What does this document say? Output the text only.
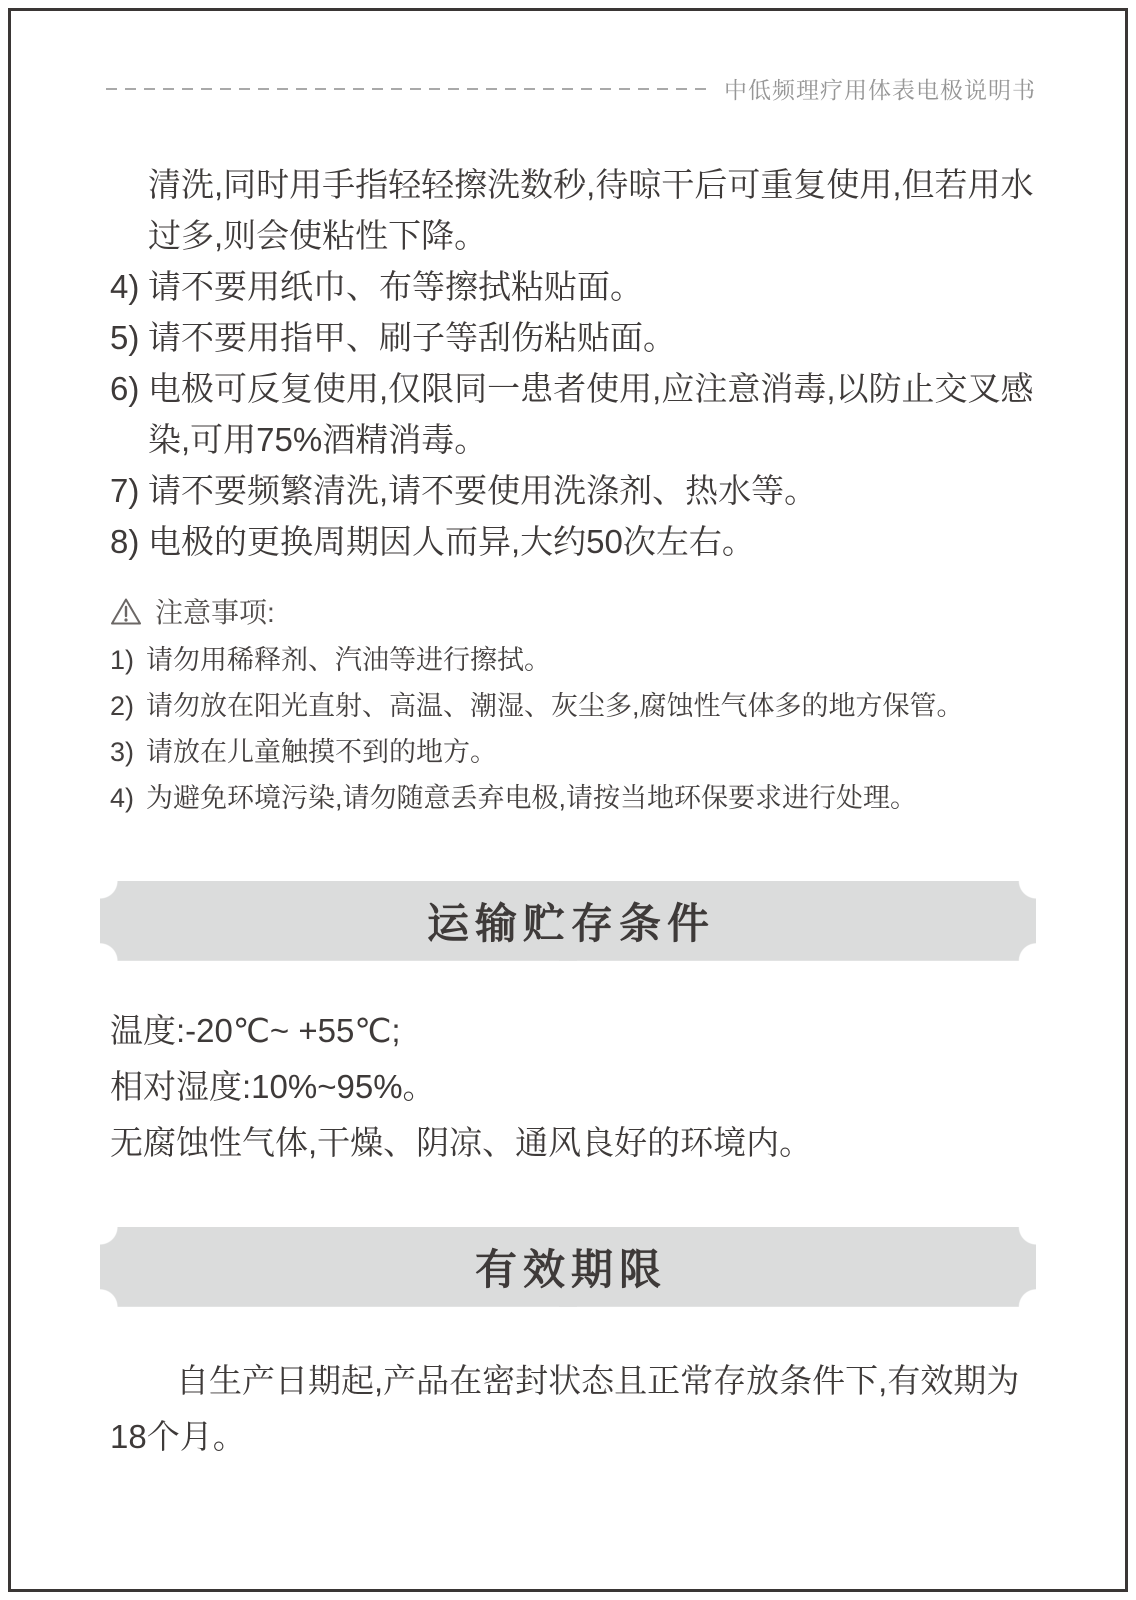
中低频理疗用体表电极说明书
清洗,同时用手指轻轻擦洗数秒,待晾干后可重复使用,但若用水过多,则会使粘性下降。
4) 请不要用纸巾、布等擦拭粘贴面。
5) 请不要用指甲、刷子等刮伤粘贴面。
6) 电极可反复使用,仅限同一患者使用,应注意消毒,以防止交叉感染,可用75%酒精消毒。
7) 请不要频繁清洗,请不要使用洗涤剂、热水等。
8) 电极的更换周期因人而异,大约50次左右。
注意事项:
1) 请勿用稀释剂、汽油等进行擦拭。
2) 请勿放在阳光直射、高温、潮湿、灰尘多,腐蚀性气体多的地方保管。
3) 请放在儿童触摸不到的地方。
4) 为避免环境污染,请勿随意丢弃电极,请按当地环保要求进行处理。
运输贮存条件
温度:-20℃~ +55℃;
相对湿度:10%~95%。
无腐蚀性气体,干燥、阴凉、通风良好的环境内。
有效期限
自生产日期起,产品在密封状态且正常存放条件下,有效期为18个月。
